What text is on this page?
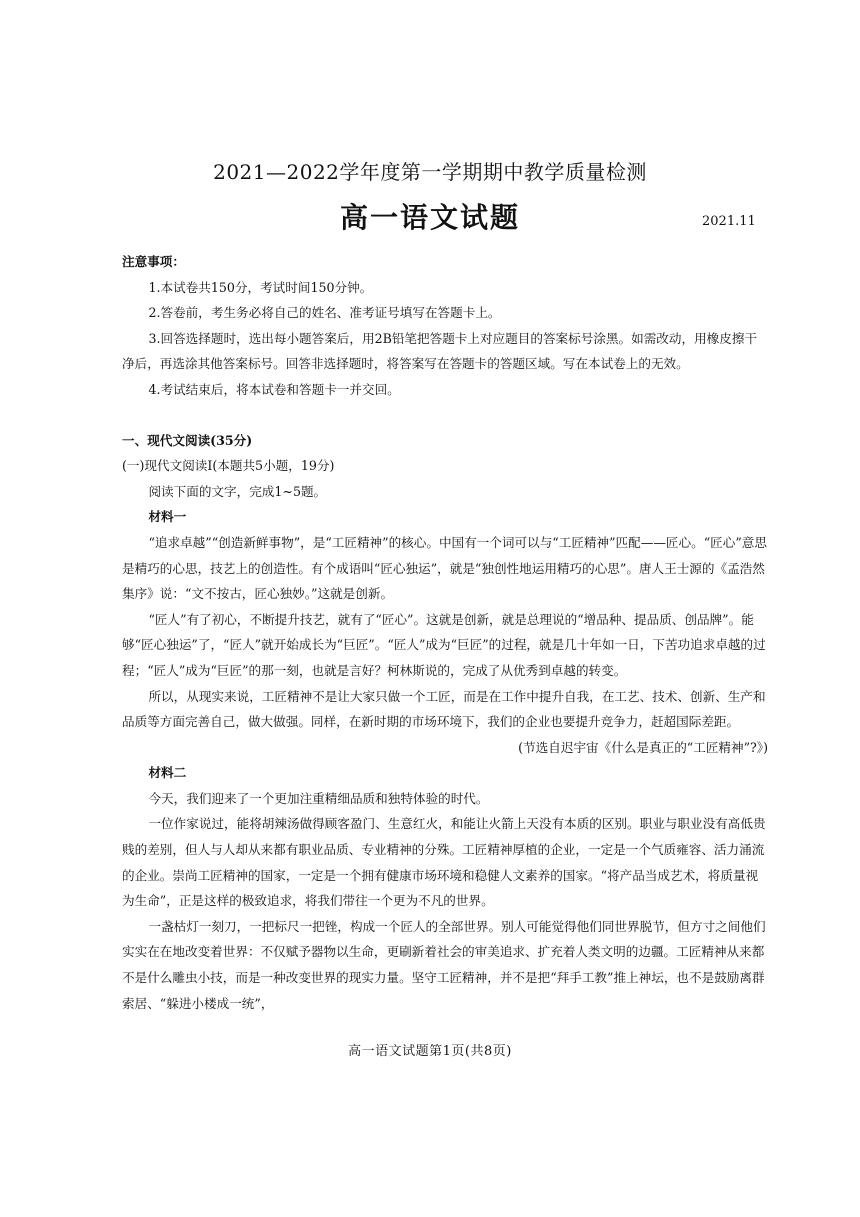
2021—2022学年度第一学期期中教学质量检测
高一语文试题	2021.11

注意事项：

1.本试卷共150分，考试时间150分钟。

2.答卷前，考生务必将自己的姓名、准考证号填写在答题卡上。

3.回答选择题时，选出每小题答案后，用2B铅笔把答题卡上对应题目的答案标号涂黑。如需改动，用橡皮擦干净后，再选涂其他答案标号。回答非选择题时，将答案写在答题卡的答题区域。写在本试卷上的无效。

4.考试结束后，将本试卷和答题卡一并交回。

一、现代文阅读(35分)

(一)现代文阅读Ⅰ(本题共5小题，19分)

阅读下面的文字，完成1~5题。

材料一

“追求卓越”“创造新鲜事物”，是“工匠精神”的核心。中国有一个词可以与“工匠精神”匹配——匠心。“匠心”意思是精巧的心思，技艺上的创造性。有个成语叫“匠心独运”，就是“独创性地运用精巧的心思”。唐人王士源的《孟浩然集序》说：“文不按古，匠心独妙。”这就是创新。

“匠人”有了初心，不断提升技艺，就有了“匠心”。这就是创新，就是总理说的“增品种、提品质、创品牌”。能够“匠心独运”了，“匠人”就开始成长为“巨匠”。“匠人”成为“巨匠”的过程，就是几十年如一日，下苦功追求卓越的过程；“匠人”成为“巨匠”的那一刻，也就是言好？柯林斯说的，完成了从优秀到卓越的转变。

所以，从现实来说，工匠精神不是让大家只做一个工匠，而是在工作中提升自我，在工艺、技术、创新、生产和品质等方面完善自己，做大做强。同样，在新时期的市场环境下，我们的企业也要提升竞争力，赶超国际差距。

(节选自迟宇宙《什么是真正的“工匠精神”?》)

材料二

今天，我们迎来了一个更加注重精细品质和独特体验的时代。

一位作家说过，能将胡辣汤做得顾客盈门、生意红火，和能让火箭上天没有本质的区别。职业与职业没有高低贵贱的差别，但人与人却从来都有职业品质、专业精神的分殊。工匠精神厚植的企业，一定是一个气质雍容、活力涌流的企业。崇尚工匠精神的国家，一定是一个拥有健康市场环境和稳健人文素养的国家。“将产品当成艺术，将质量视为生命”，正是这样的极致追求，将我们带往一个更为不凡的世界。

一盏枯灯一刻刀，一把标尺一把锉，构成一个匠人的全部世界。别人可能觉得他们同世界脱节，但方寸之间他们实实在在地改变着世界：不仅赋予器物以生命，更刷新着社会的审美追求、扩充着人类文明的边疆。工匠精神从来都不是什么雕虫小技，而是一种改变世界的现实力量。坚守工匠精神，并不是把“拜手工教”推上神坛，也不是鼓励离群索居、“躲进小楼成一统”，

高一语文试题第1页(共8页)
